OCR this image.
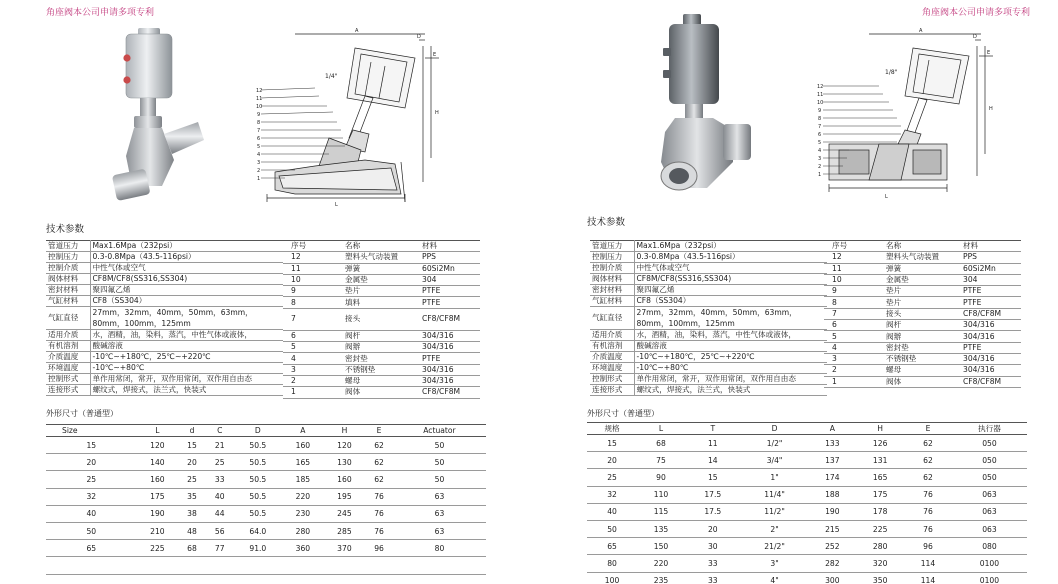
角座阀本公司申请多项专利	角座阀本公司申请多项专利
12
11
10
9
8
7
6
5
4
3
2
1
1/4"
A
D
E
H
L
技术参数
管道压力	Max1.6Mpa（232psi）
控制压力	0.3-0.8Mpa（43.5-116psi）
控制介质	中性气体或空气
阀体材料	CF8M/CF8(SS316,SS304)
密封材料	聚四氟乙烯
气缸材料	CF8（SS304）
气缸直径	27mm，32mm，40mm，50mm，63mm，
80mm，100mm，125mm

适用介质	水，酒精，油，染料，蒸汽，中性气体或液体，
有机溶剂	酸碱溶液
介质温度	-10℃~+180℃，25℃~+220℃
环境温度	-10℃~+80℃
控制形式	单作用常闭，常开，双作用常闭，双作用自由态
连接形式	螺纹式，焊接式，法兰式，快装式
序号	名称	材料
12	塑料头气动装置	PPS
11	弹簧	60Si2Mn
10	金属垫	304
9	垫片	PTFE
8	填料	PTFE
7	接头	CF8/CF8M
6	阀杆	304/316
5	阀辦	304/316
4	密封垫	PTFE
3	不锈钢垫	304/316
2	螺母	304/316
1	阀体	CF8/CF8M
外形尺寸（普通型）
Size	L	d	C	D	A	H	E	Actuator
15	120	15	21	50.5	160	120	62	50
20	140	20	25	50.5	165	130	62	50
25	160	25	33	50.5	185	160	62	50
32	175	35	40	50.5	220	195	76	63
40	190	38	44	50.5	230	245	76	63
50	210	48	56	64.0	280	285	76	63
65	225	68	77	91.0	360	370	96	80

12
11
10
9
8
7
6
5
4
3
2
1
1/8"
A
D
E
H
L
技术参数
管道压力	Max1.6Mpa（232psi）
控制压力	0.3-0.8Mpa（43.5-116psi）
控制介质	中性气体或空气
阀体材料	CF8M/CF8(SS316,SS304)
密封材料	聚四氟乙烯
气缸材料	CF8（SS304）
气缸直径	27mm，32mm，40mm，50mm，63mm，
80mm，100mm，125mm

适用介质	水，酒精，油，染料，蒸汽，中性气体或液体，
有机溶剂	酸碱溶液
介质温度	-10℃~+180℃，25℃~+220℃
环境温度	-10℃~+80℃
控制形式	单作用常闭，常开，双作用常闭，双作用自由态
连接形式	螺纹式，焊接式，法兰式，快装式
序号	名称	材料
12	塑料头气动装置	PPS
11	弹簧	60Si2Mn
10	金属垫	304
9	垫片	PTFE
8	垫片	PTFE
7	接头	CF8/CF8M
6	阀杆	304/316
5	阀辦	304/316
4	密封垫	PTFE
3	不锈钢垫	304/316
2	螺母	304/316
1	阀体	CF8/CF8M
外形尺寸（普通型）
规格	L	T	D	A	H	E	执行器
15	68	11	1/2"	133	126	62	050
20	75	14	3/4"	137	131	62	050
25	90	15	1"	174	165	62	050
32	110	17.5	11/4"	188	175	76	063
40	115	17.5	11/2"	190	178	76	063
50	135	20	2"	215	225	76	063
65	150	30	21/2"	252	280	96	080
80	220	33	3"	282	320	114	0100
100	235	33	4"	300	350	114	0100
